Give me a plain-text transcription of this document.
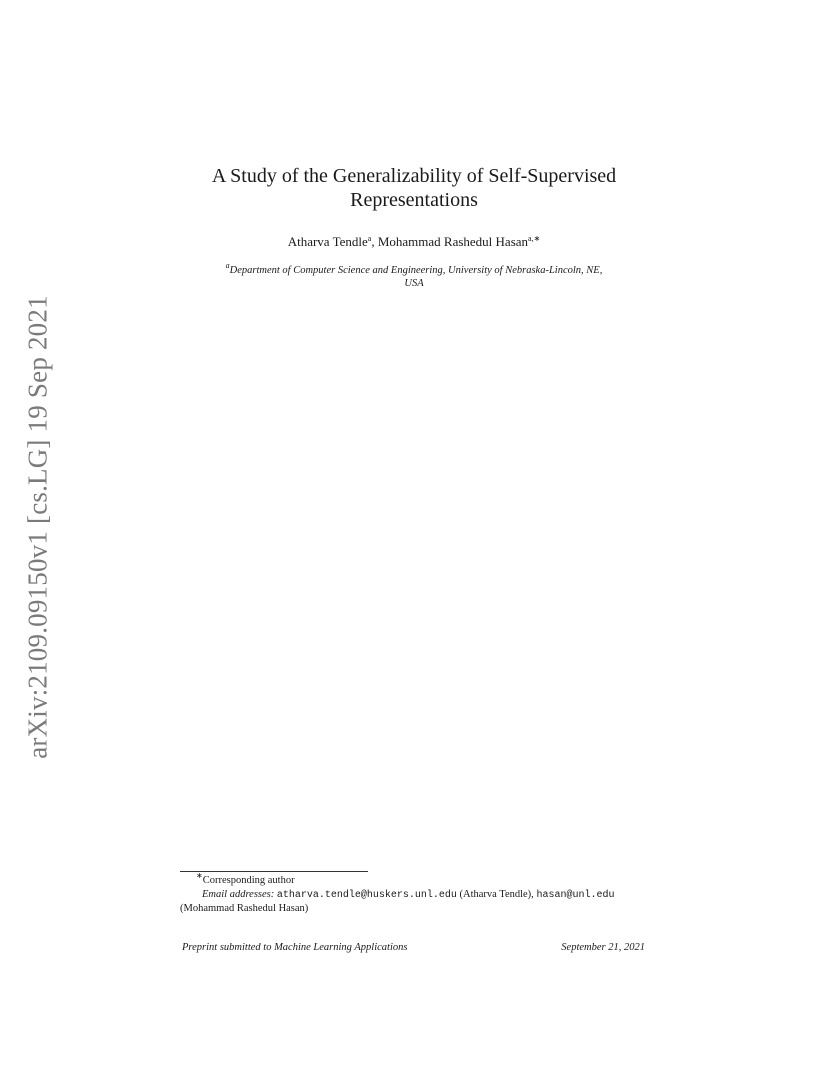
arXiv:2109.09150v1 [cs.LG] 19 Sep 2021
A Study of the Generalizability of Self-Supervised
Representations
Atharva Tendle$^a$, Mohammad Rashedul Hasan$^{a,∗}$
$^a$Department of Computer Science and Engineering, University of Nebraska-Lincoln, NE,
USA
∗Corresponding author
Email addresses: atharva.tendle@huskers.unl.edu (Atharva Tendle), hasan@unl.edu
(Mohammad Rashedul Hasan)
Preprint submitted to Machine Learning Applications	September 21, 2021
